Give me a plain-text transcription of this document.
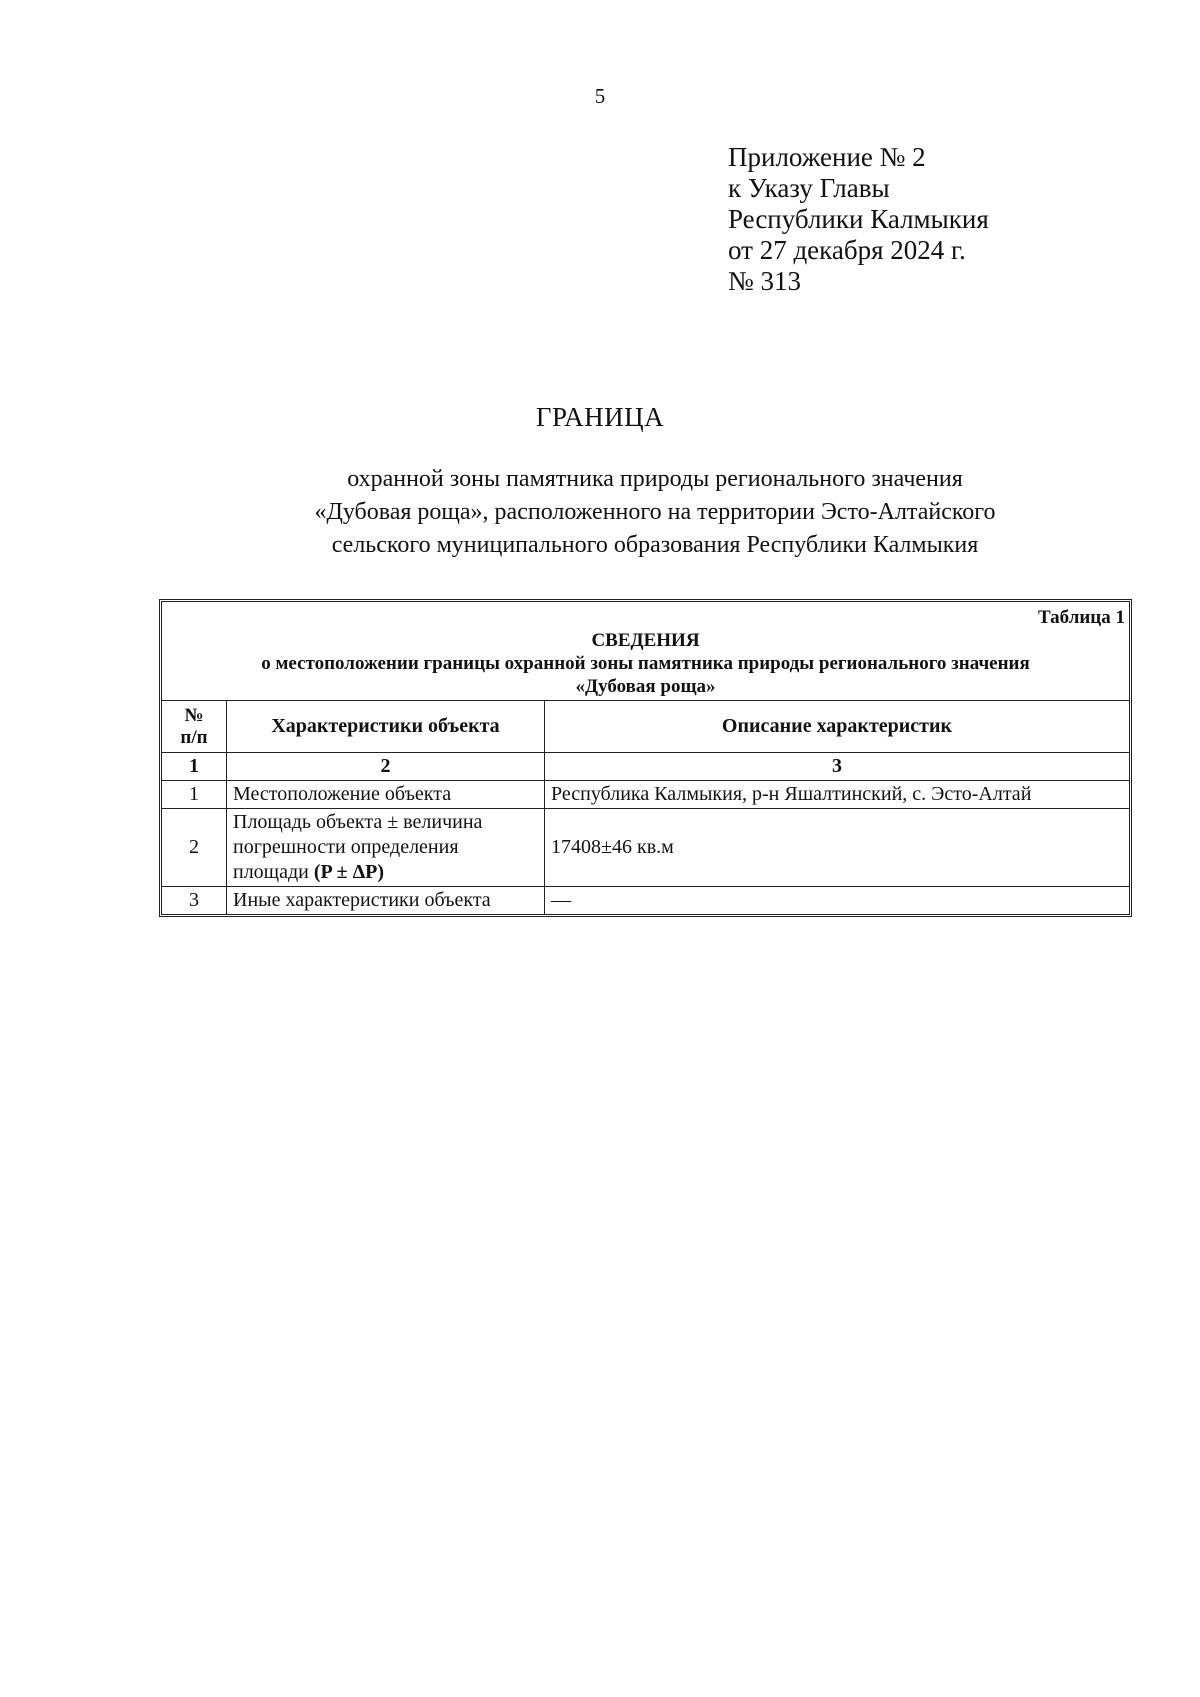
5
Приложение № 2
к Указу Главы
Республики Калмыкия
от 27 декабря 2024 г.
№ 313
ГРАНИЦА
охранной зоны памятника природы регионального значения
«Дубовая роща», расположенного на территории Эсто-Алтайского
сельского муниципального образования Республики Калмыкия
Таблица 1
СВЕДЕНИЯ
о местоположении границы охранной зоны памятника природы регионального значения
«Дубовая роща»
№
п/п	Характеристики объекта	Описание характеристик
1	2	3
1	Местоположение объекта	Республика Калмыкия, р-н Яшалтинский, с. Эсто-Алтай
2	Площадь объекта ± величина
погрешности определения
площади (P ± ΔP)	17408±46 кв.м
3	Иные характеристики объекта	—
